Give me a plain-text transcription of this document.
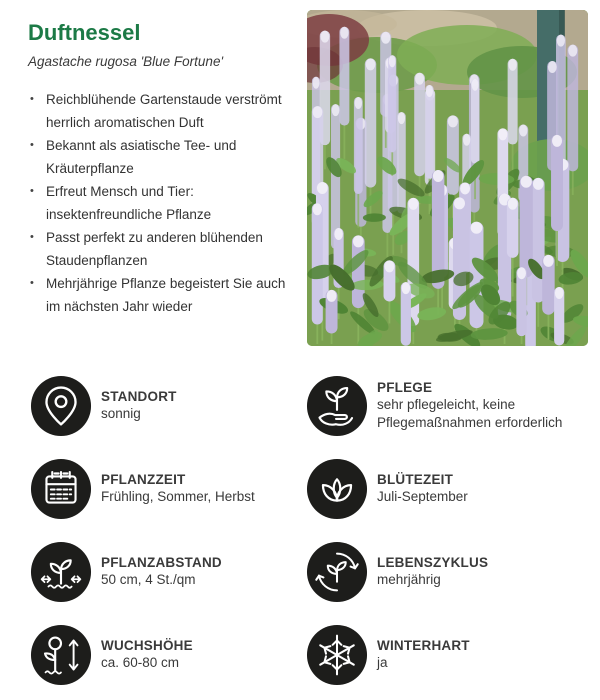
Duftnessel
Agastache rugosa 'Blue Fortune'
• Reichblühende Gartenstaude verströmt herrlich aromatischen Duft
• Bekannt als asiatische Tee- und Kräuterpflanze
• Erfreut Mensch und Tier: insektenfreundliche Pflanze
• Passt perfekt zu anderen blühenden Staudenpflanzen
• Mehrjährige Pflanze begeistert Sie auch im nächsten Jahr wieder
STANDORT
sonnig
PFLEGE
sehr pflegeleicht, keine Pflegemaßnahmen erforderlich
PFLANZZEIT
Frühling, Sommer, Herbst
BLÜTEZEIT
Juli-September
PFLANZABSTAND
50 cm, 4 St./qm
LEBENSZYKLUS
mehrjährig
WUCHSHÖHE
ca. 60-80 cm
WINTERHART
ja
